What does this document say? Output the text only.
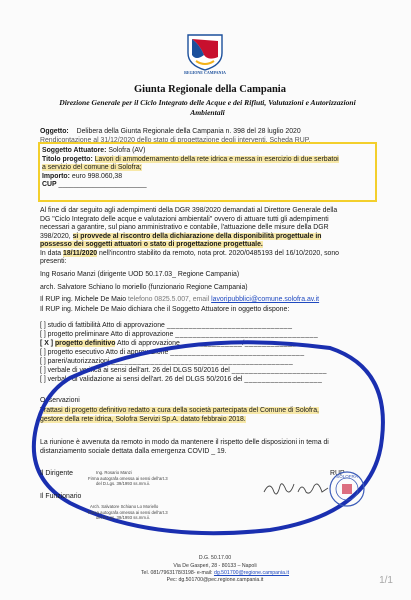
REGIONE CAMPANIA
Giunta Regionale della Campania
Direzione Generale per il Ciclo Integrato delle Acque e dei Rifiuti, Valutazioni e Autorizzazioni
Ambientali
Oggetto: Delibera della Giunta Regionale della Campania n. 398 del 28 luglio 2020
Rendicontazione al 31/12/2020 dello stato di progettazione degli interventi. Scheda RUP.
Soggetto Attuatore: Solofra (AV)
Titolo progetto: Lavori di ammodernamento della rete idrica e messa in esercizio di due serbatoi
a servizio del comune di Solofra;
Importo: euro 998.060,38
CUP _______________________
Al fine di dar seguito agli adempimenti della DGR 398/2020 demandati al Direttore Generale della
DG "Ciclo Integrato delle acque e valutazioni ambientali" ovvero di attuare tutti gli adempimenti
necessari a garantire, sul piano amministrativo e contabile, l'attuazione delle misure della DGR
398/2020, si provvede al riscontro della dichiarazione della disponibilità progettuale in
possesso dei soggetti attuatori o stato di progettazione progettuale.
In data 18/11/2020 nell'incontro stabilito da remoto, nota prot. 2020/0485193 del 16/10/2020, sono
presenti:
Ing Rosario Manzi (dirigente UOD 50.17.03_ Regione Campania)
arch. Salvatore Schiano lo moriello (funzionario Regione Campania)
Il RUP ing. Michele De Maio telefono 0825.5.007, email lavoripubblici@comune.solofra.av.it
Il RUP ing. Michele De Maio dichiara che il Soggetto Attuatore in oggetto dispone:
[ ] studio di fattibilità Atto di approvazione _____________________________
[ ] progetto preliminare Atto di approvazione _________________________________
[ X ] progetto definitivo Atto di approvazione ______________/________________
[ ] progetto esecutivo Atto di approvazione _______________________________
[ ] pareri/autorizzazioni __________________________________________
[ ] verbale di verifica ai sensi dell'art. 26 del DLGS 50/2016 del ______________________
[ ] verbale di validazione ai sensi dell'art. 26 del DLGS 50/2016 del __________________
Osservazioni
Trattasi di progetto definitivo redatto a cura della società partecipata del Comune di Solofra,
gestore della rete idrica, Solofra Servizi Sp.A. datato febbraio 2018.
La riunione è avvenuta da remoto in modo da mantenere il rispetto delle disposizioni in tema di
distanziamento sociale dettata dalla emergenza COVID _ 19.
Il Dirigente	Ing. Rosario Manzi
Firma autografa omessa ai sensi dell'art.3
del D.Lgs. 39/1993 ss.mm.ii.
Il Funzionario
Arch. Salvatore Schiano Lo Moriello
Firma autografa omessa ai sensi dell'art.3
del D.Lgs. 39/1993 ss.mm.ii.
RUP
SOLOFRA
D.G. 50.17.00
Via De Gasperi, 28 - 80133 – Napoli
Tel. 081/7963178/3198- e-mail: dg.501700@regione.campania.it
Pec: dg.501700@pec.regione.campania.it	1/1
